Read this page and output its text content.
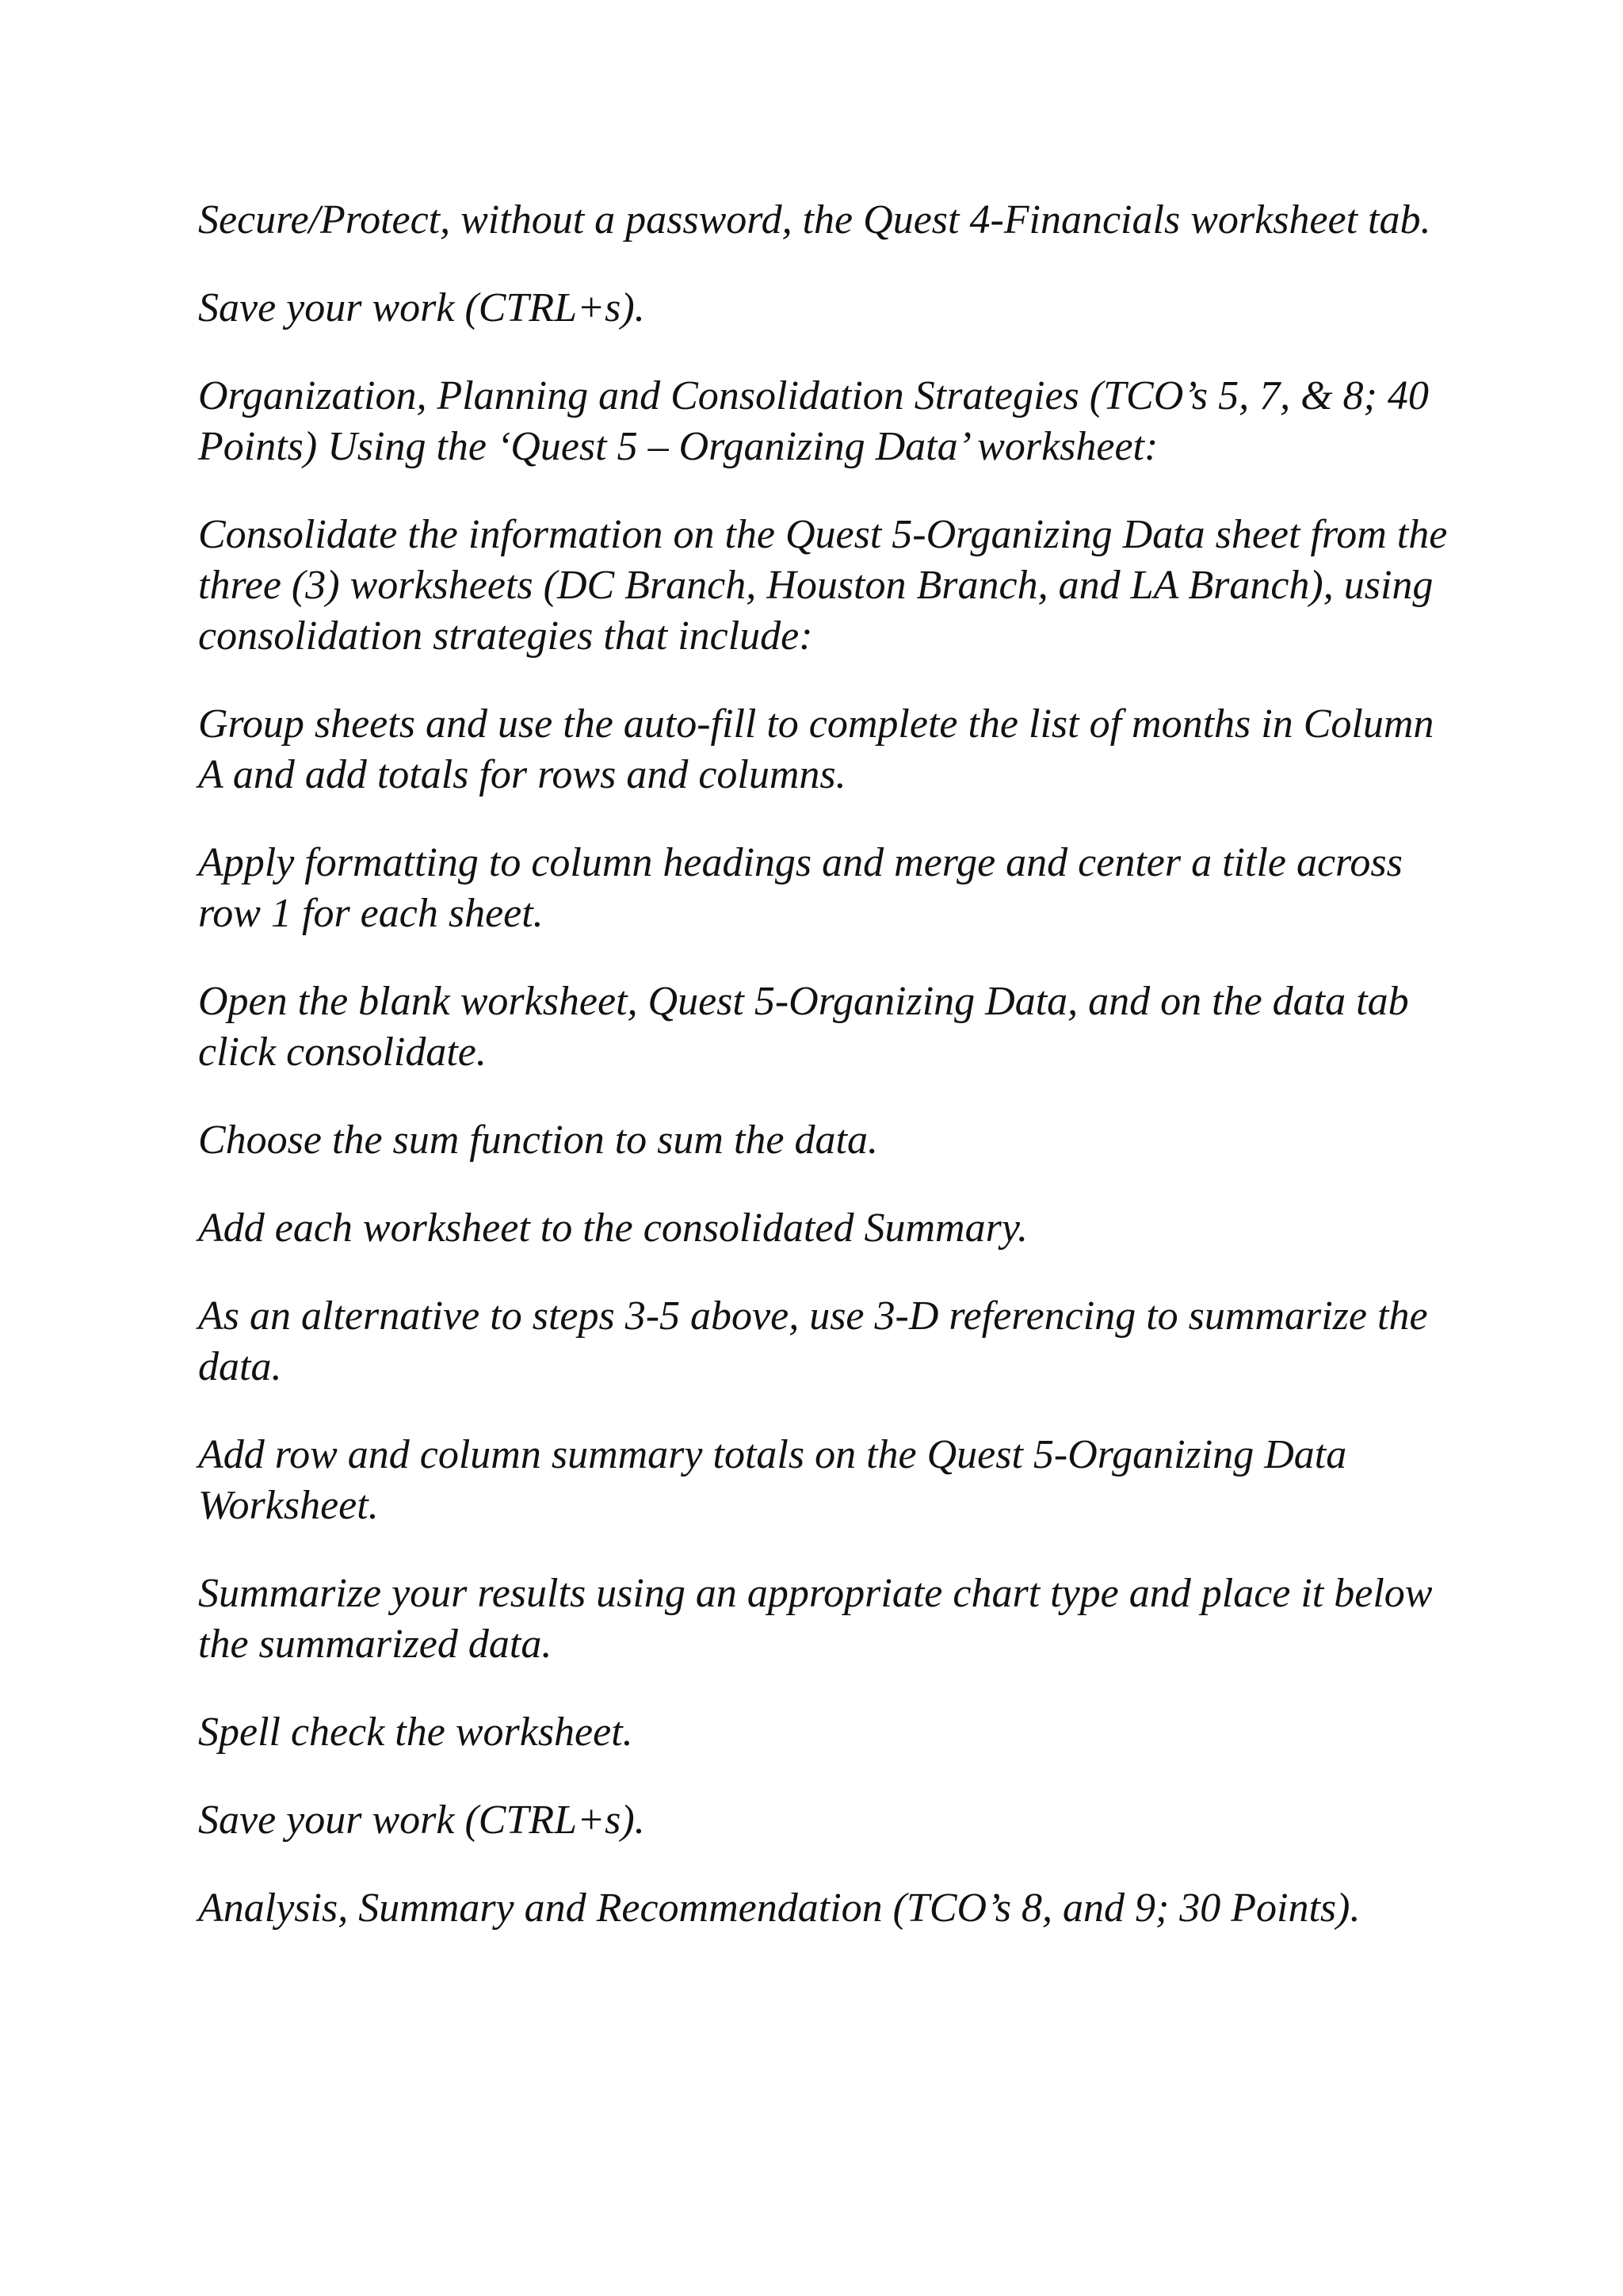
Secure/Protect, without a password, the Quest 4-Financials worksheet tab.

Save your work (CTRL+s).

Organization, Planning and Consolidation Strategies (TCO’s 5, 7, & 8; 40 Points) Using the ‘Quest 5 – Organizing Data’ worksheet:

Consolidate the information on the Quest 5-Organizing Data sheet from the three (3) worksheets (DC Branch, Houston Branch, and LA Branch), using consolidation strategies that include:

Group sheets and use the auto-fill to complete the list of months in Column A and add totals for rows and columns.

Apply formatting to column headings and merge and center a title across row 1 for each sheet.

Open the blank worksheet, Quest 5-Organizing Data, and on the data tab click consolidate.

Choose the sum function to sum the data.

Add each worksheet to the consolidated Summary.

As an alternative to steps 3-5 above, use 3-D referencing to summarize the data.

Add row and column summary totals on the Quest 5-Organizing Data Worksheet.

Summarize your results using an appropriate chart type and place it below the summarized data.

Spell check the worksheet.

Save your work (CTRL+s).

Analysis, Summary and Recommendation (TCO’s 8, and 9; 30 Points).
